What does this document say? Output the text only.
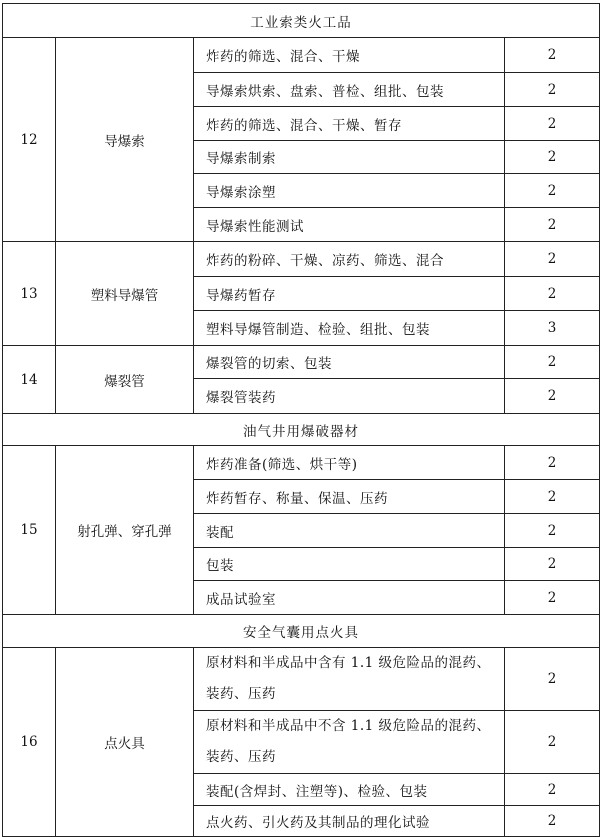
工业索类火工品			
12	导爆索	炸药的筛选、混合、干燥	2
		导爆索烘索、盘索、普检、组批、包装	2
		炸药的筛选、混合、干燥、暂存	2
		导爆索制索	2
		导爆索涂塑	2
		导爆索性能测试	2
13	塑料导爆管	炸药的粉碎、干燥、凉药、筛选、混合	2
		导爆药暂存	2
		塑料导爆管制造、检验、组批、包装	3
14	爆裂管	爆裂管的切索、包装	2
		爆裂管装药	2
油气井用爆破器材			
15	射孔弹、穿孔弹	炸药准备(筛选、烘干等)	2
		炸药暂存、称量、保温、压药	2
		装配	2
		包装	2
		成品试验室	2
安全气囊用点火具			
16	点火具	原材料和半成品中含有 1.1 级危险品的混药、装药、压药	2
		原材料和半成品中不含 1.1 级危险品的混药、装药、压药	2
		装配(含焊封、注塑等)、检验、包装	2
		点火药、引火药及其制品的理化试验	2
